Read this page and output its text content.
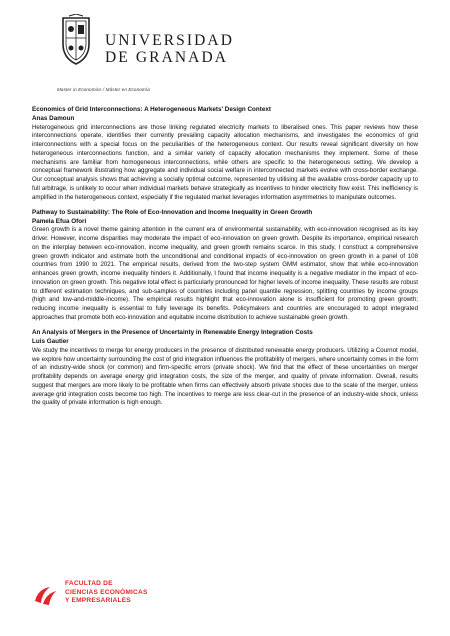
UNIVERSIDAD
DE GRANADA
Master in Economics / Máster en Economía
Economics of Grid Interconnections: A Heterogeneous Markets' Design Context
Anas Damoun

Heterogeneous grid interconnections are those linking regulated electricity markets to liberalised ones. This paper reviews how these interconnections operate, identifies their currently prevailing capacity allocation mechanisms, and investigates the economics of grid interconnections with a special focus on the peculiarities of the heterogeneous context. Our results reveal significant diversity on how heterogeneous interconnections function, and a similar variety of capacity allocation mechanisms they implement. Some of these mechanisms are familiar from homogeneous interconnections, while others are specific to the heterogeneous setting. We develop a conceptual framework illustrating how aggregate and individual social welfare in interconnected markets evolve with cross-border exchange. Our conceptual analysis shows that achieving a socially optimal outcome, represented by utilising all the available cross-border capacity up to full arbitrage, is unlikely to occur when individual markets behave strategically as incentives to hinder electricity flow exist. This inefficiency is amplified in the heterogeneous context, especially if the regulated market leverages information asymmetries to manipulate outcomes.

Pathway to Sustainability: The Role of Eco-Innovation and Income Inequality in Green Growth
Pamela Efua Ofori

Green growth is a novel theme gaining attention in the current era of environmental sustainability, with eco-innovation recognised as its key driver. However, income disparities may moderate the impact of eco-innovation on green growth. Despite its importance, empirical research on the interplay between eco-innovation, income inequality, and green growth remains scarce. In this study, I construct a comprehensive green growth indicator and estimate both the unconditional and conditional impacts of eco-innovation on green growth in a panel of 108 countries from 1990 to 2021. The empirical results, derived from the two-step system GMM estimator, show that while eco-innovation enhances green growth, income inequality hinders it. Additionally, I found that income inequality is a negative mediator in the impact of eco-innovation on green growth. This negative total effect is particularly pronounced for higher levels of income inequality. These results are robust to different estimation techniques, and sub-samples of countries including panel quantile regression, splitting countries by income groups (high and low-and-middle-income). The empirical results highlight that eco-innovation alone is insufficient for promoting green growth; reducing income inequality is essential to fully leverage its benefits. Policymakers and countries are encouraged to adopt integrated approaches that promote both eco-innovation and equitable income distribution to achieve sustainable green growth.

An Analysis of Mergers in the Presence of Uncertainty in Renewable Energy Integration Costs
Luis Gautier

We study the incentives to merge for energy producers in the presence of distributed renewable energy producers. Utilizing a Cournot model, we explore how uncertainty surrounding the cost of grid integration influences the profitability of mergers, where uncertainty comes in the form of an industry-wide shock (or common) and firm-specific errors (private shock). We find that the effect of these uncertainties on merger profitability depends on average energy grid integration costs, the size of the merger, and quality of private information. Overall, results suggest that mergers are more likely to be profitable when firms can effectively absorb private shocks due to the scale of the merger, unless average grid integration costs become too high. The incentives to merge are less clear-cut in the presence of an industry-wide shock, unless the quality of private information is high enough.

FACULTAD DE
CIENCIAS ECONÓMICAS
Y EMPRESARIALES
